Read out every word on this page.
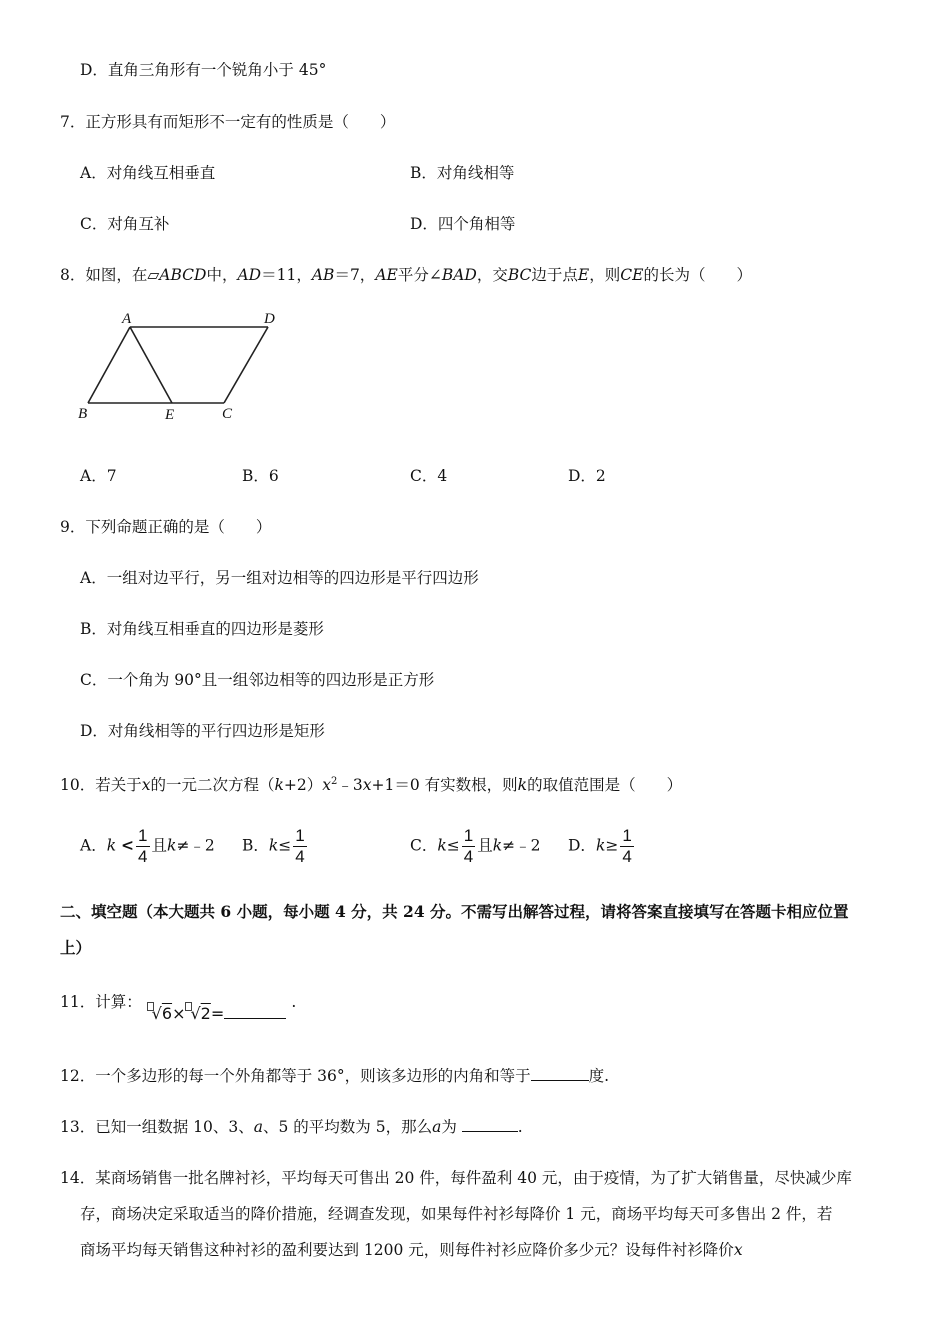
D．直角三角形有一个锐角小于 45°
7．正方形具有而矩形不一定有的性质是（　　）
A．对角线互相垂直	B．对角线相等
C．对角互补	D．四个角相等
8．如图，在▱ABCD中，AD＝11，AB＝7，AE平分∠BAD，交BC边于点E，则CE的长为（　　）
A	D
B	E	C
A．7	B．6	C．4	D．2
9．下列命题正确的是（　　）
A．一组对边平行，另一组对边相等的四边形是平行四边形
B．对角线互相垂直的四边形是菱形
C．一个角为 90°且一组邻边相等的四边形是正方形
D．对角线相等的平行四边形是矩形
10．若关于x的一元二次方程$(k+2)x^2﹣3x+1=0$ 有实数根，则k的取值范围是（　　）
A．$k < \frac{1}{4}$ 且k≠﹣2 B．$k\le \frac{1}{4}$	C．$k\le \frac{1}{4}$ 且k≠﹣2 D．$k\ge \frac{1}{4}$
二、填空题（本大题共 6 小题，每小题 4 分，共 24 分。不需写出解答过程，请将答案直接填写在答题卡相应位置
上）
11．计算： √6× √2= .
12．一个多边形的每一个外角都等于 36°，则该多边形的内角和等于	度.
13．已知一组数据 10、3、a、5 的平均数为 5，那么a为	.
14．某商场销售一批名牌衬衫，平均每天可售出 20 件，每件盈利 40 元，由于疫情，为了扩大销售量，尽快减少库
存，商场决定采取适当的降价措施，经调查发现，如果每件衬衫每降价 1 元，商场平均每天可多售出 2 件，若
商场平均每天销售这种衬衫的盈利要达到 1200 元，则每件衬衫应降价多少元？设每件衬衫降价x
